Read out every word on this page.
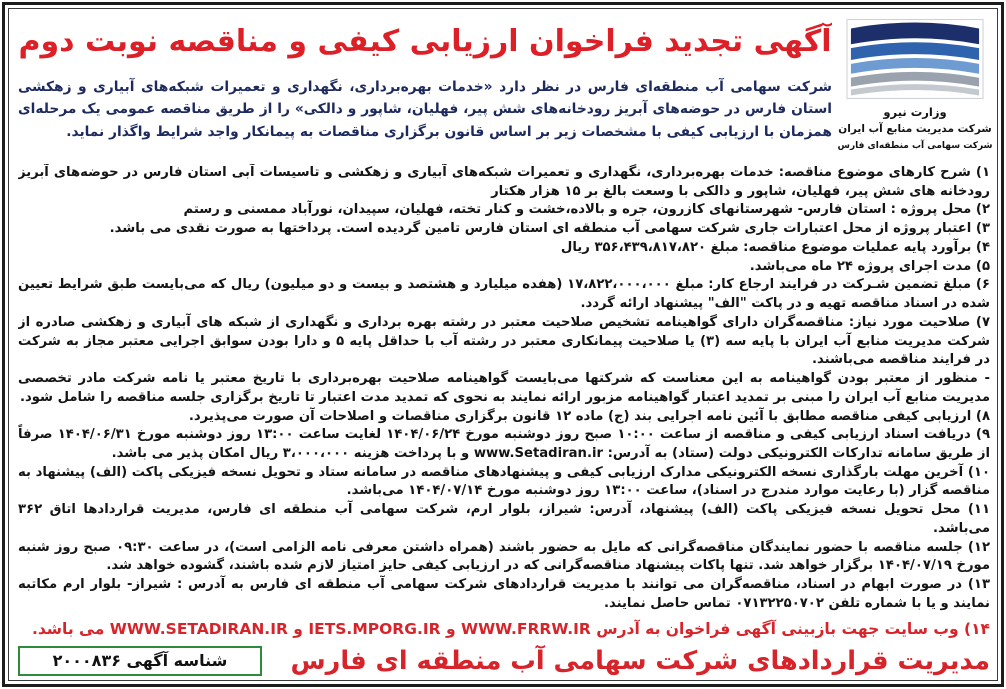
وزارت نیرو
شرکت مدیریت منابع آب ایران
شرکت سهامی آب منطقه‌ای فارس
آگهی تجدید فراخوان ارزیابی کیفی و مناقصه نوبت دوم

شرکت سهامی آب منطقه‌ای فارس در نظر دارد «خدمات بهره‌برداری، نگهداری و تعمیرات شبکه‌های آبیاری و زهکشی استان فارس در حوضه‌های آبریز رودخانه‌های شش پیر، فهلیان، شاپور و دالکی» را از طریق مناقصه عمومی یک مرحله‌ای همزمان با ارزیابی کیفی با مشخصات زیر بر اساس قانون برگزاری مناقصات به پیمانکار واجد شرایط واگذار نماید.

۱) شرح کارهای موضوع مناقصه: خدمات بهره‌برداری، نگهداری و تعمیرات شبکه‌های آبیاری و زهکشی و تاسیسات آبی استان فارس در حوضه‌های آبریز رودخانه های شش پیر، فهلیان، شاپور و دالکی با وسعت بالغ بر ۱۵ هزار هکتار

۲) محل پروژه : استان فارس- شهرستانهای کازرون، جره و بالاده،خشت و کنار تخته، فهلیان، سپیدان، نورآباد ممسنی و رستم

۳) اعتبار پروژه از محل اعتبارات جاری شرکت سهامی آب منطقه ای استان فارس تامین گردیده است. پرداختها به صورت نقدی می باشد.

۴) برآورد پایه عملیات موضوع مناقصه: مبلغ ۳۵۶،۴۳۹،۸۱۷،۸۲۰ ریال

۵) مدت اجرای پروژه ۲۴ ماه می‌باشد.

۶) مبلغ تضمین شـرکت در فرایند ارجاع کار: مبلغ ۱۷،۸۲۲،۰۰۰،۰۰۰ (هفده میلیارد و هشتصد و بیست و دو میلیون) ریال که می‌بایست طبق شرایط تعیین شده در اسناد مناقصه تهیه و در پاکت "الف" پیشنهاد ارائه گردد.

۷) صلاحیت مورد نیاز: مناقصه‌گران دارای گواهینامه تشخیص صلاحیت معتبر در رشته بهره برداری و نگهداری از شبکه های آبیاری و زهکشی صادره از شرکت مدیریت منابع آب ایران با پایه سه (۳) یا صلاحیت پیمانکاری معتبر در رشته آب با حداقل پایه ۵ و دارا بودن سوابق اجرایی معتبر مجاز به شرکت در فرایند مناقصه می‌باشند.

- منظور از معتبر بودن گواهینامه به این معناست که شرکتها می‌بایست گواهینامه صلاحیت بهره‌برداری با تاریخ معتبر یا نامه شرکت مادر تخصصی مدیریت منابع آب ایران را مبنی بر تمدید اعتبار گواهینامه مزبور ارائه نمایند به نحوی که تمدید مدت اعتبار تا تاریخ برگزاری جلسه مناقصه را شامل شود.

۸) ارزیابی کیفی مناقصه مطابق با آئین نامه اجرایی بند (ج) ماده ۱۲ قانون برگزاری مناقصات و اصلاحات آن صورت می‌پذیرد.

۹) دریافت اسناد ارزیابی کیفی و مناقصه از ساعت ۱۰:۰۰ صبح روز دوشنبه مورخ ۱۴۰۴/۰۶/۲۴ لغایت ساعت ۱۳:۰۰ روز دوشنبه مورخ ۱۴۰۴/۰۶/۳۱ صرفاً از طریق سامانه تدارکات الکترونیکی دولت (ستاد) به آدرس: www.Setadiran.ir و با پرداخت هزینه ۳،۰۰۰،۰۰۰ ریال امکان پذیر می باشد.

۱۰) آخرین مهلت بارگذاری نسخه الکترونیکی مدارک ارزیابی کیفی و پیشنهادهای مناقصه در سامانه ستاد و تحویل نسخه فیزیکی پاکت (الف) پیشنهاد به مناقصه گزار (با رعایت موارد مندرج در اسناد)، ساعت ۱۳:۰۰ روز دوشنبه مورخ ۱۴۰۴/۰۷/۱۴ می‌باشد.

۱۱) محل تحویل نسخه فیزیکی پاکت (الف) پیشنهاد، آدرس: شیراز، بلوار ارم، شرکت سهامی آب منطقه ای فارس، مدیریت قراردادها اتاق ۳۶۲ می‌باشد.

۱۲) جلسه مناقصه با حضور نمایندگان مناقصه‌گرانی که مایل به حضور باشند (همراه داشتن معرفی نامه الزامی است)، در ساعت ۰۹:۳۰ صبح روز شنبه مورخ ۱۴۰۴/۰۷/۱۹ برگزار خواهد شد. تنها پاکات پیشنهاد مناقصه‌گرانی که در ارزیابی کیفی حایز امتیاز لازم شده باشند، گشوده خواهد شد.

۱۳) در صورت ابهام در اسناد، مناقصه‌گران می توانند با مدیریت قراردادهای شرکت سهامی آب منطقه ای فارس به آدرس : شیراز- بلوار ارم مکاتبه نمایند و یا با شماره تلفن ۰۷۱۳۲۲۵۰۷۰۲ تماس حاصل نمایند.

۱۴) وب سایت جهت بازبینی آگهی فراخوان به آدرس WWW.FRRW.IR و IETS.MPORG.IR و WWW.SETADIRAN.IR می باشد.

مدیریت قراردادهای شرکت سهامی آب منطقه ای فارس
شناسه آگهی ۲۰۰۰۸۳۶
